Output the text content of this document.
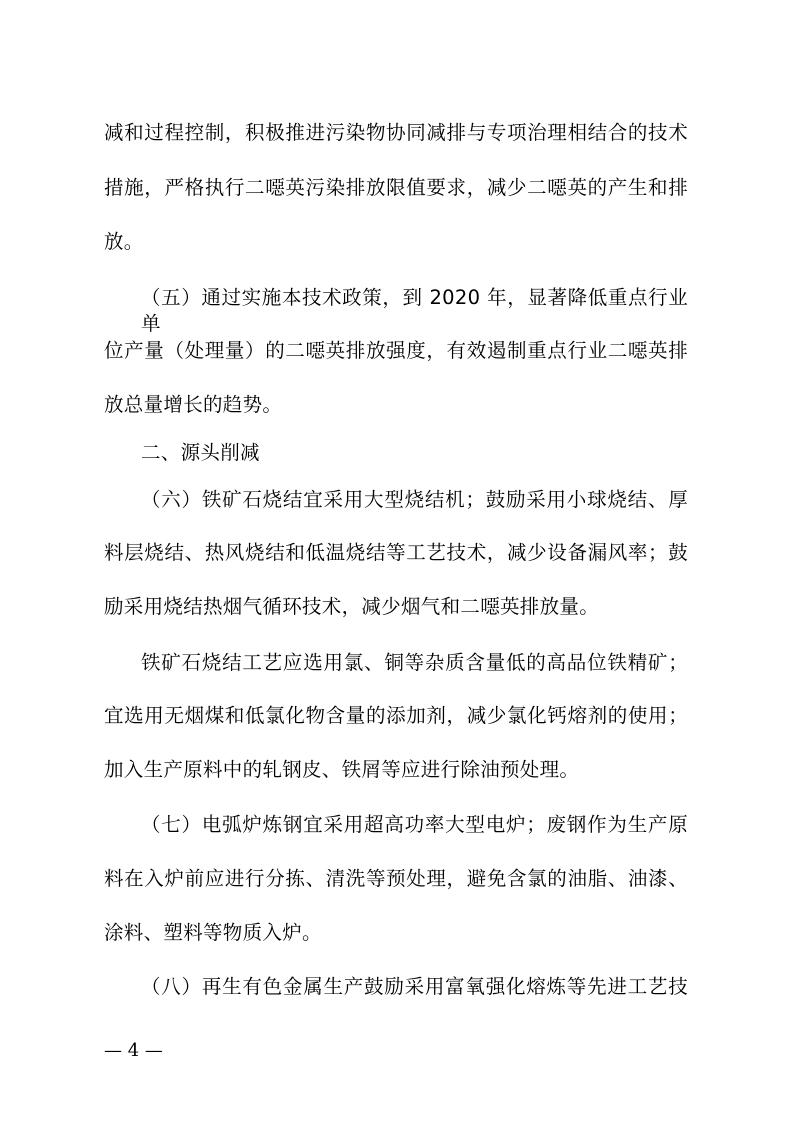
减和过程控制，积极推进污染物协同减排与专项治理相结合的技术
措施，严格执行二噁英污染排放限值要求，减少二噁英的产生和排
放。
（五）通过实施本技术政策，到 2020 年，显著降低重点行业单
位产量（处理量）的二噁英排放强度，有效遏制重点行业二噁英排
放总量增长的趋势。
二、源头削减
（六）铁矿石烧结宜采用大型烧结机；鼓励采用小球烧结、厚
料层烧结、热风烧结和低温烧结等工艺技术，减少设备漏风率；鼓
励采用烧结热烟气循环技术，减少烟气和二噁英排放量。
铁矿石烧结工艺应选用氯、铜等杂质含量低的高品位铁精矿；
宜选用无烟煤和低氯化物含量的添加剂，减少氯化钙熔剂的使用；
加入生产原料中的轧钢皮、铁屑等应进行除油预处理。
（七）电弧炉炼钢宜采用超高功率大型电炉；废钢作为生产原
料在入炉前应进行分拣、清洗等预处理，避免含氯的油脂、油漆、
涂料、塑料等物质入炉。
（八）再生有色金属生产鼓励采用富氧强化熔炼等先进工艺技
— 4 —
